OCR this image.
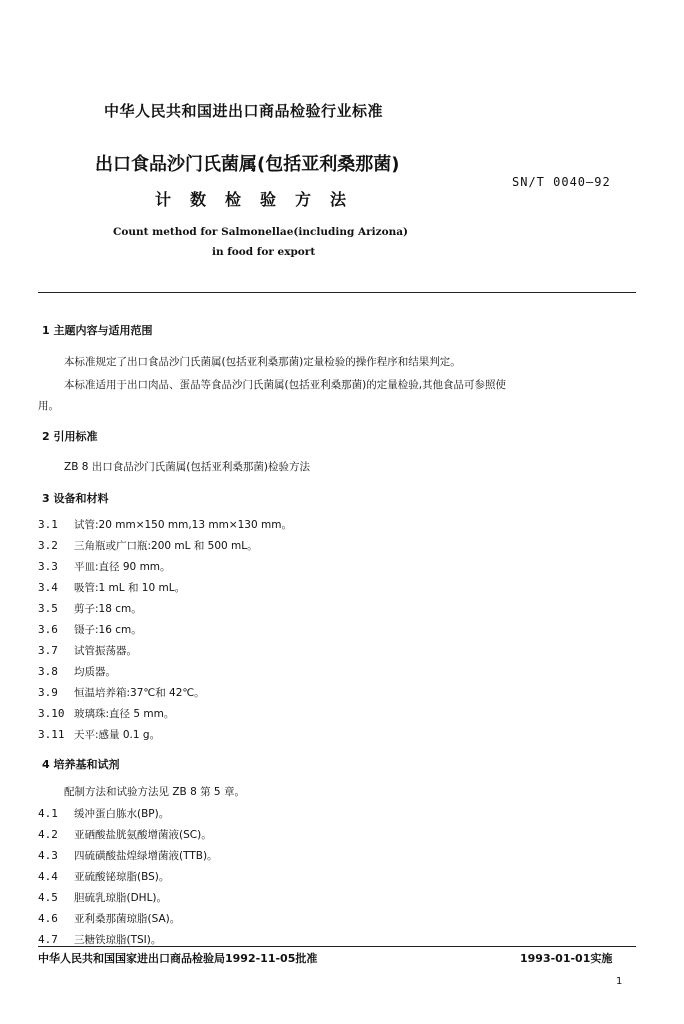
中华人民共和国进出口商品检验行业标准
出口食品沙门氏菌属(包括亚利桑那菌)
计数检验方法
SN/T 0040—92
Count method for Salmonellae(including Arizona)
in food for export
1 主题内容与适用范围
本标准规定了出口食品沙门氏菌属(包括亚利桑那菌)定量检验的操作程序和结果判定。
本标准适用于出口肉品、蛋品等食品沙门氏菌属(包括亚利桑那菌)的定量检验,其他食品可参照使
用。
2 引用标准
ZB 8 出口食品沙门氏菌属(包括亚利桑那菌)检验方法
3 设备和材料
3.1 试管:20 mm×150 mm,13 mm×130 mm。
3.2 三角瓶或广口瓶:200 mL 和 500 mL。
3.3 平皿:直径 90 mm。
3.4 吸管:1 mL 和 10 mL。
3.5 剪子:18 cm。
3.6 镊子:16 cm。
3.7 试管振荡器。
3.8 均质器。
3.9 恒温培养箱:37℃和 42℃。
3.10 玻璃珠:直径 5 mm。
3.11 天平:感量 0.1 g。
4 培养基和试剂
配制方法和试验方法见 ZB 8 第 5 章。
4.1 缓冲蛋白胨水(BP)。
4.2 亚硒酸盐胱氨酸增菌液(SC)。
4.3 四硫磺酸盐煌绿增菌液(TTB)。
4.4 亚硫酸铋琼脂(BS)。
4.5 胆硫乳琼脂(DHL)。
4.6 亚利桑那菌琼脂(SA)。
4.7 三糖铁琼脂(TSI)。
中华人民共和国国家进出口商品检验局1992-11-05批准	1993-01-01实施
1
